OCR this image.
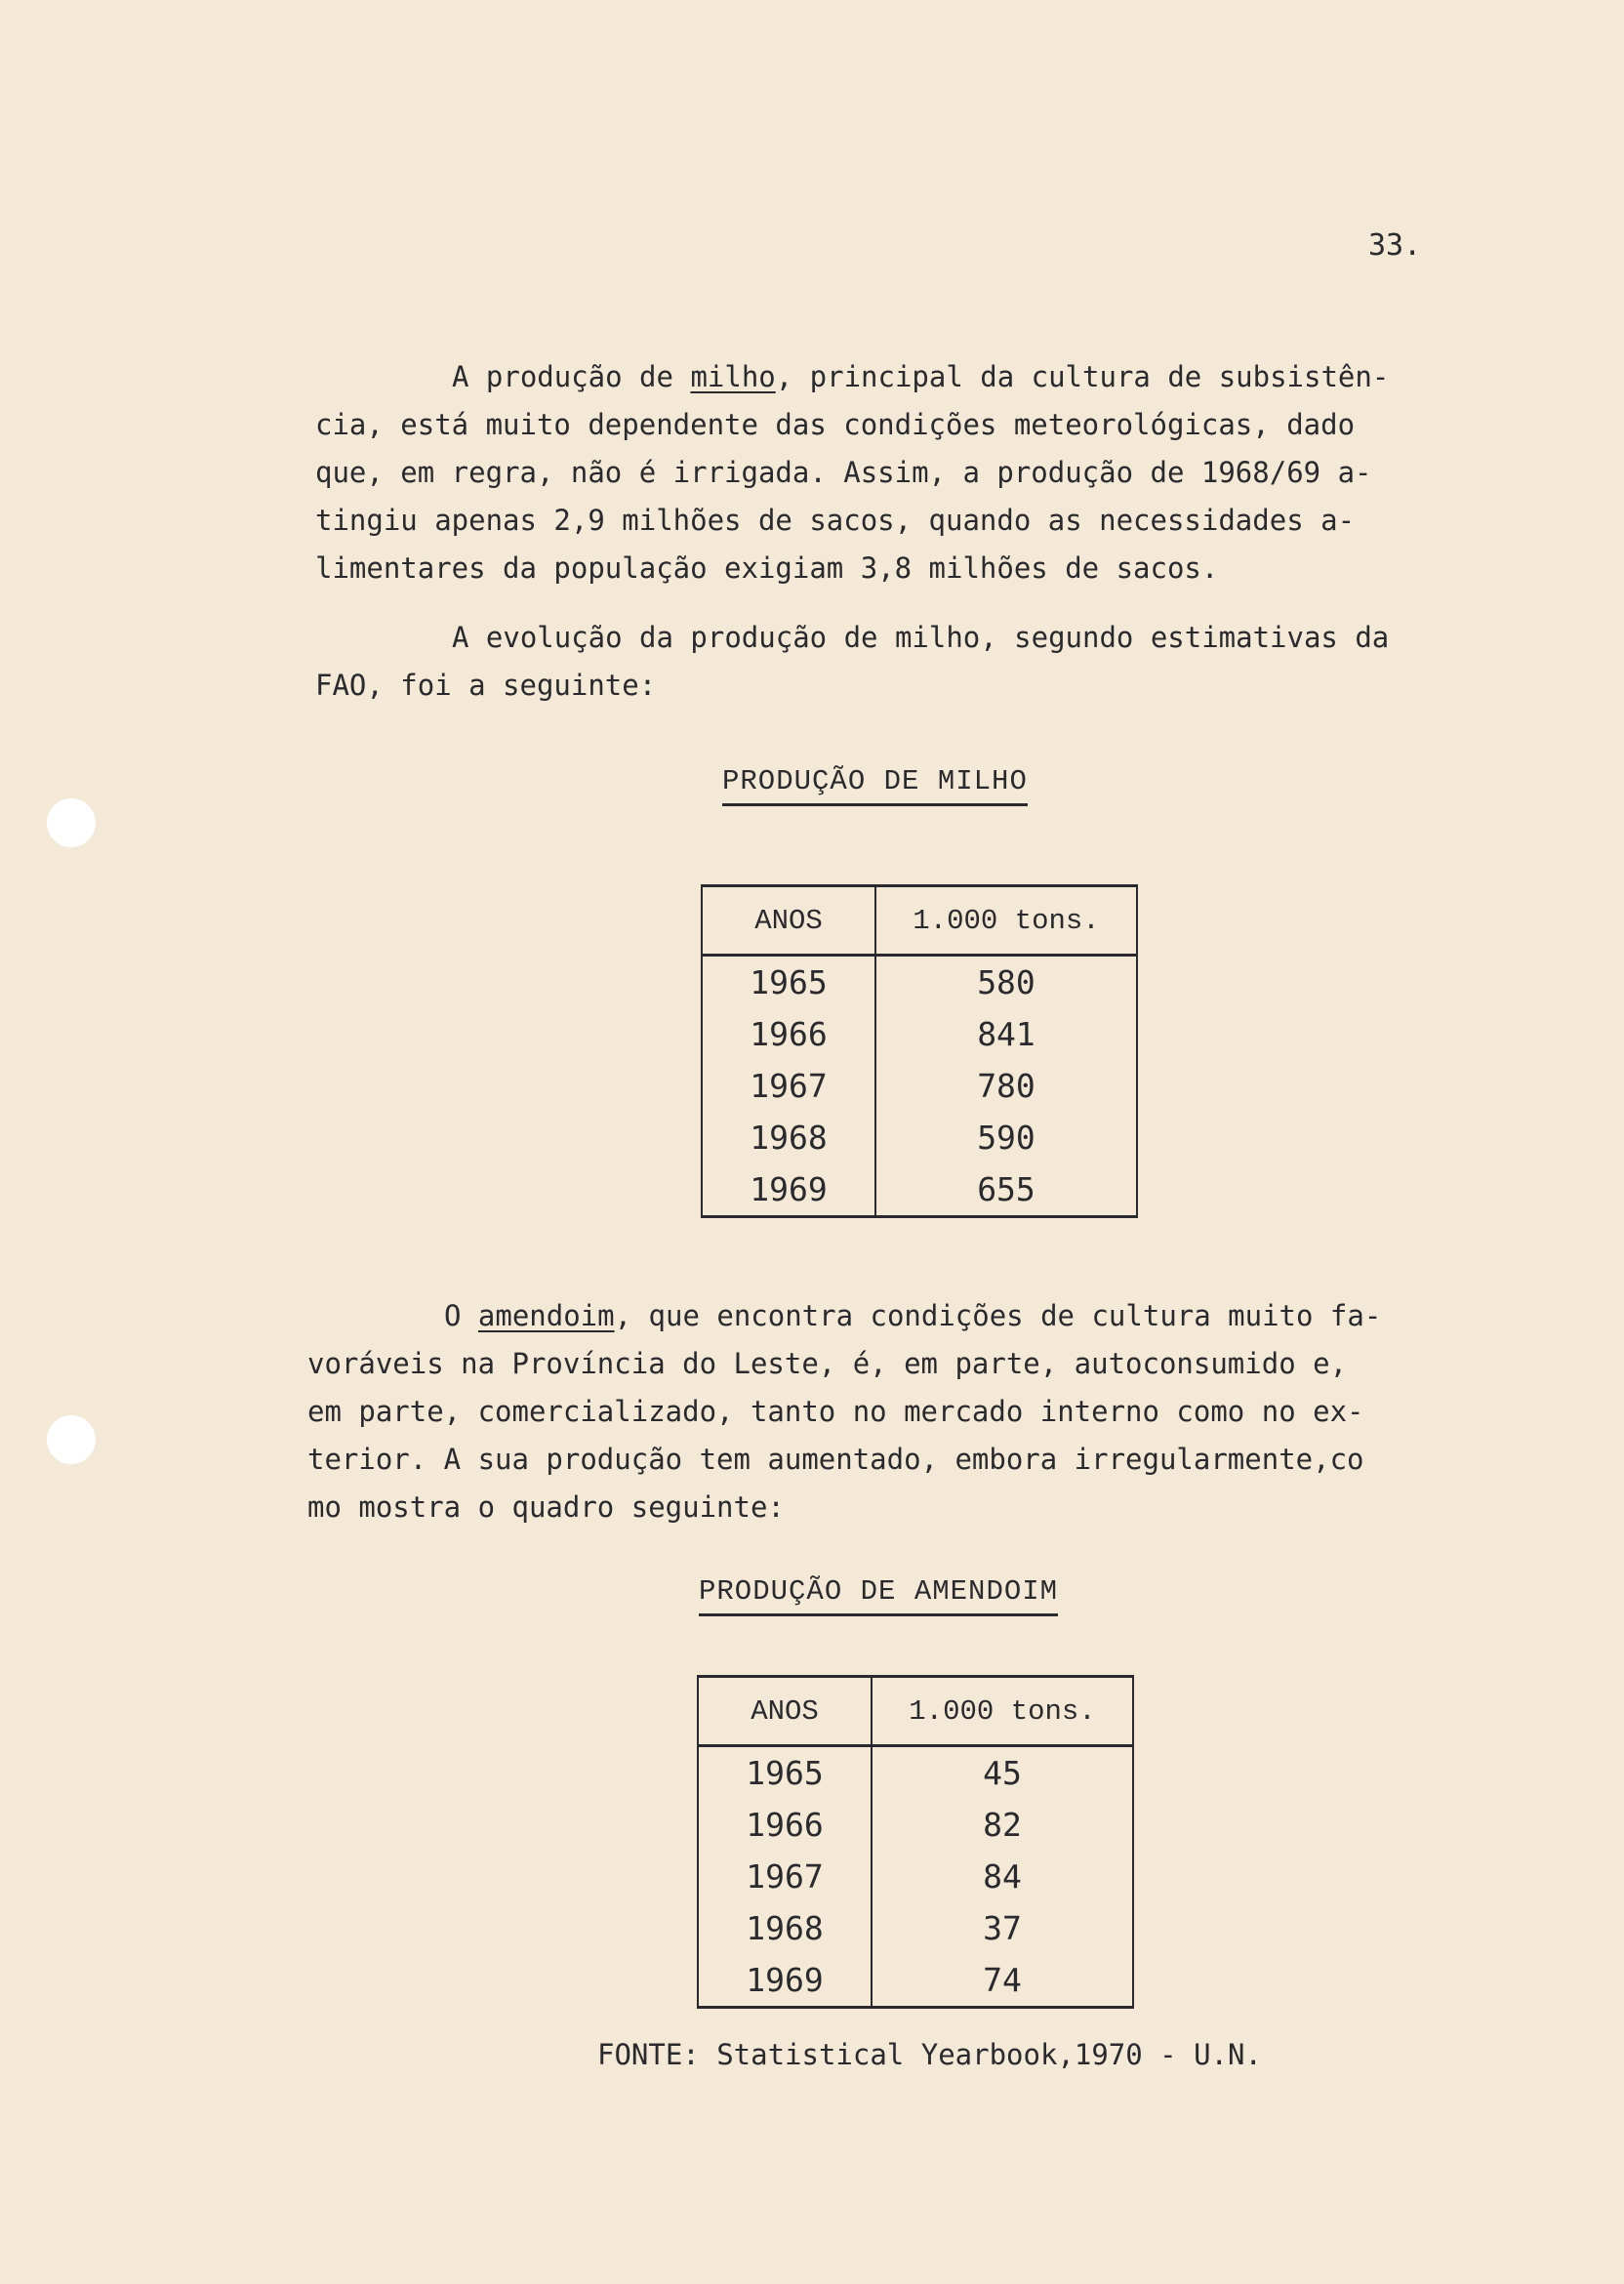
33.

A produção de milho, principal da cultura de subsistên-
cia, está muito dependente das condições meteorológicas, dado
que, em regra, não é irrigada. Assim, a produção de 1968/69 a-
tingiu apenas 2,9 milhões de sacos, quando as necessidades a-
limentares da população exigiam 3,8 milhões de sacos.

A evolução da produção de milho, segundo estimativas da
FAO, foi a seguinte:

PRODUÇÃO DE MILHO
ANOS	1.000 tons.
1965	580
1966	841
1967	780
1968	590
1969	655

O amendoim, que encontra condições de cultura muito fa-
voráveis na Província do Leste, é, em parte, autoconsumido e,
em parte, comercializado, tanto no mercado interno como no ex-
terior. A sua produção tem aumentado, embora irregularmente,co
mo mostra o quadro seguinte:

PRODUÇÃO DE AMENDOIM
ANOS	1.000 tons.
1965	45
1966	82
1967	84
1968	37
1969	74
FONTE: Statistical Yearbook,1970 - U.N.
